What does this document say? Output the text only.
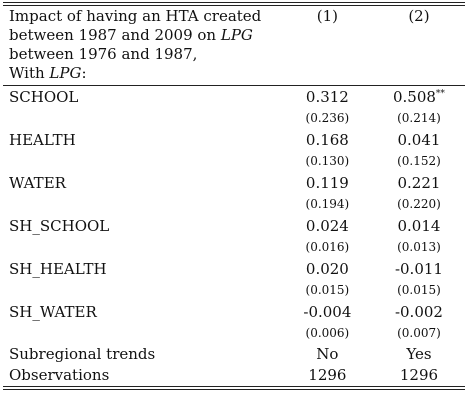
Impact of having an HTA created
between 1987 and 2009 on LPG
between 1976 and 1987,
With LPG:	(1)	(2)

SCHOOL	0.312	0.508**
	(0.236)	(0.214)
HEALTH	0.168	0.041
	(0.130)	(0.152)
WATER	0.119	0.221
	(0.194)	(0.220)
SH_SCHOOL	0.024	0.014
	(0.016)	(0.013)
SH_HEALTH	0.020	-0.011
	(0.015)	(0.015)
SH_WATER	-0.004	-0.002
	(0.006)	(0.007)
Subregional trends	No	Yes
Observations	1296	1296
